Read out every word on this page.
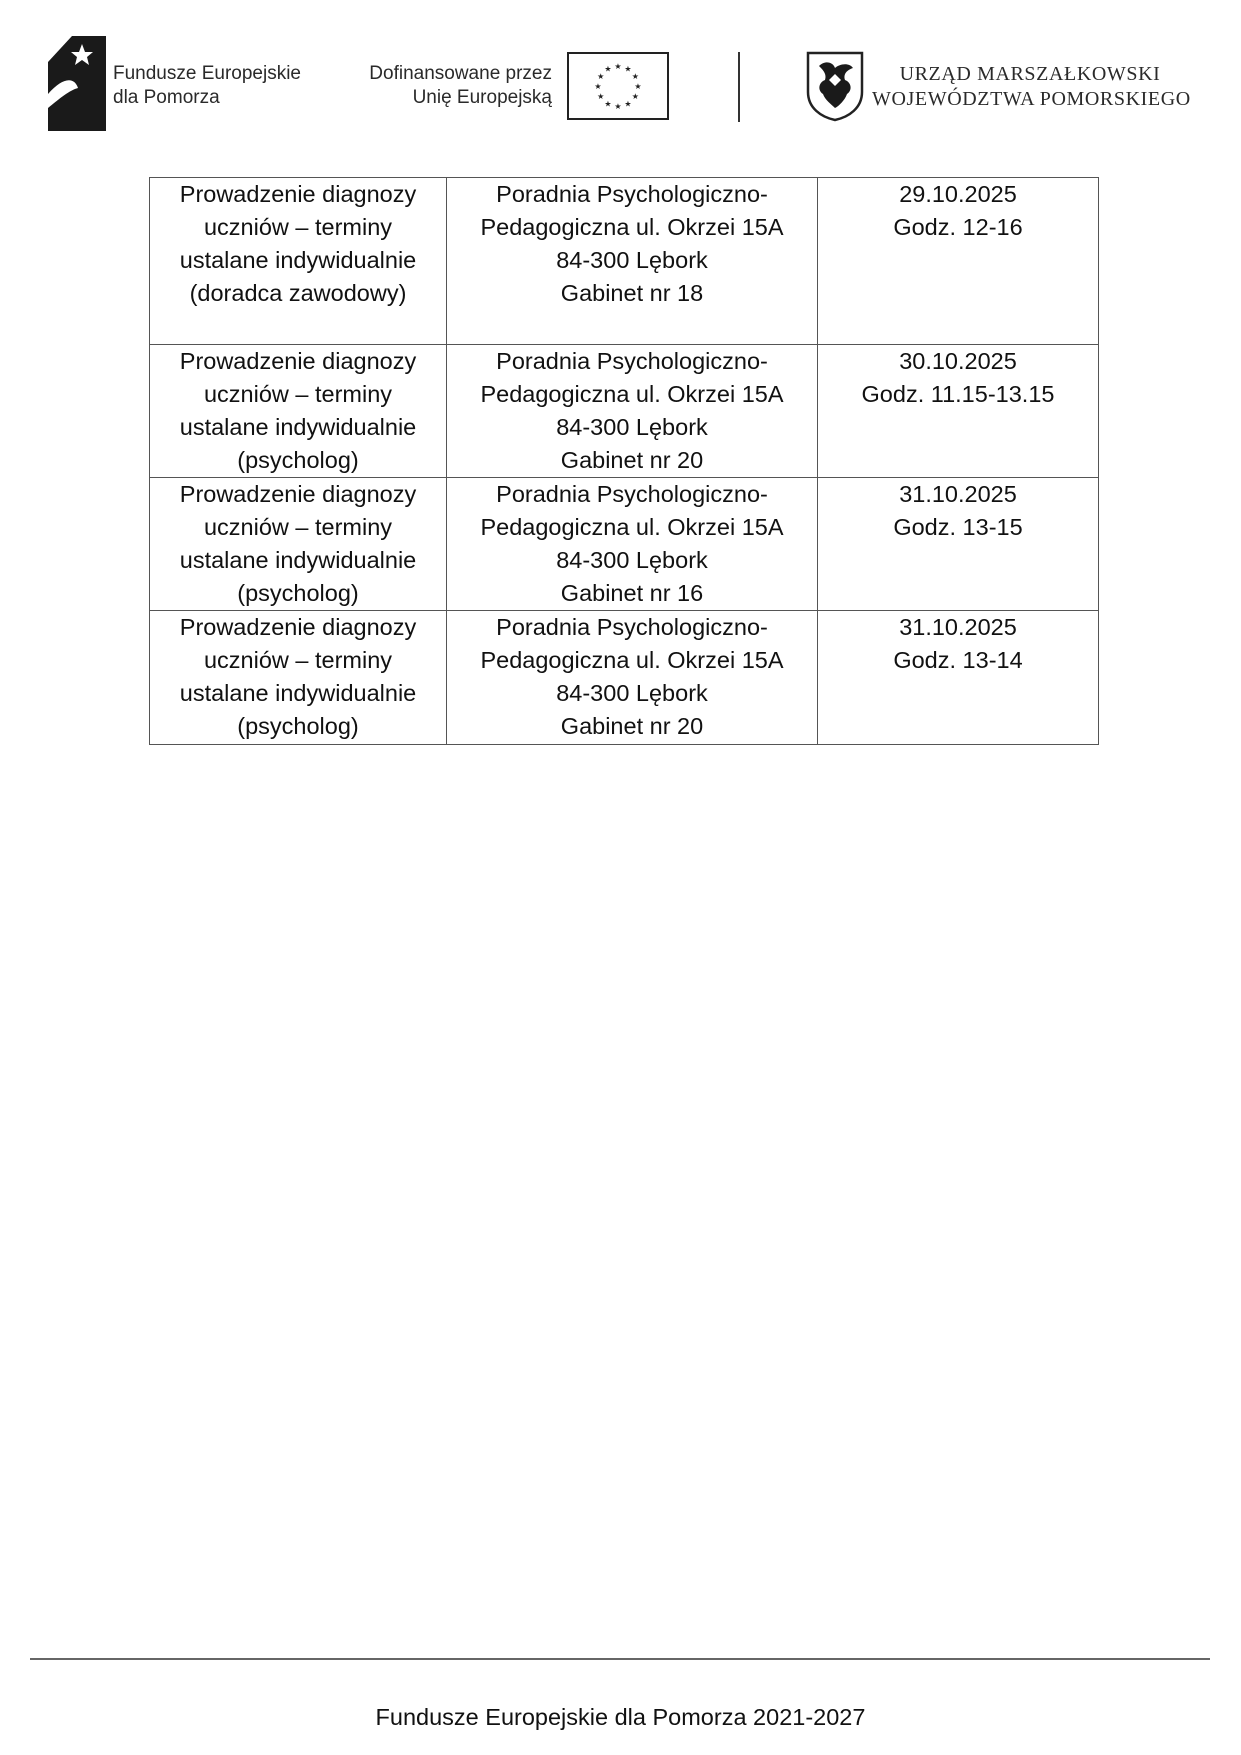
Fundusze Europejskie
dla Pomorza
Dofinansowane przez
Unię Europejską
★ ★
★
★
★
★
★
★
★
★
★
★	URZĄD MARSZAŁKOWSKI
WOJEWÓDZTWA POMORSKIEGO
Prowadzenie diagnozy
uczniów – terminy
ustalane indywidualnie
(doradca zawodowy)	Poradnia Psychologiczno-
Pedagogiczna ul. Okrzei 15A
84-300 Lębork
Gabinet nr 18	29.10.2025
Godz. 12-16

Prowadzenie diagnozy
uczniów – terminy
ustalane indywidualnie
(psycholog)	Poradnia Psychologiczno-
Pedagogiczna ul. Okrzei 15A
84-300 Lębork
Gabinet nr 20	30.10.2025
Godz. 11.15-13.15

Prowadzenie diagnozy
uczniów – terminy
ustalane indywidualnie
(psycholog)	Poradnia Psychologiczno-
Pedagogiczna ul. Okrzei 15A
84-300 Lębork
Gabinet nr 16	31.10.2025
Godz. 13-15

Prowadzenie diagnozy
uczniów – terminy
ustalane indywidualnie
(psycholog)	Poradnia Psychologiczno-
Pedagogiczna ul. Okrzei 15A
84-300 Lębork
Gabinet nr 20	31.10.2025
Godz. 13-14
Fundusze Europejskie dla Pomorza 2021-2027
